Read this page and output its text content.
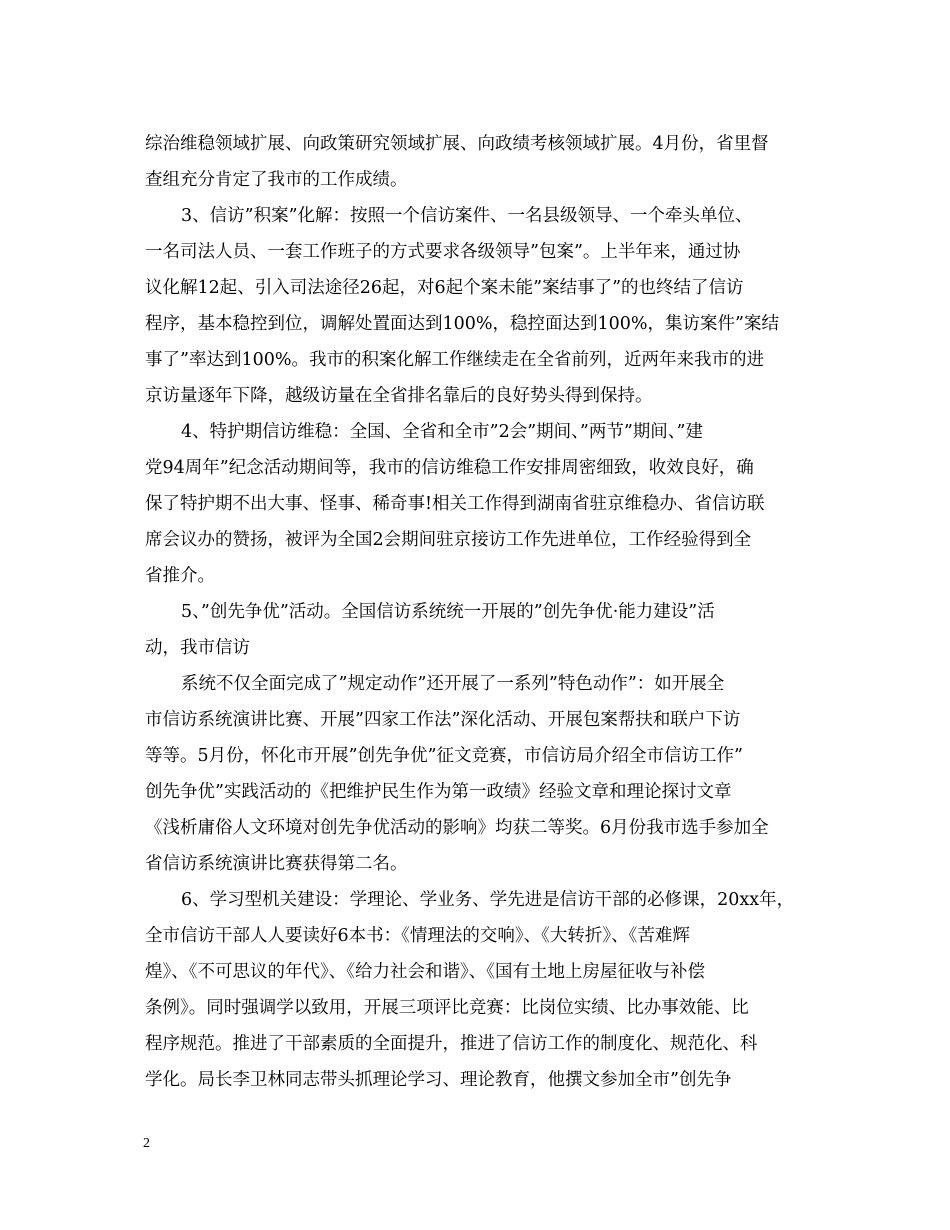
综治维稳领域扩展、向政策研究领域扩展、向政绩考核领域扩展。4月份，省里督
查组充分肯定了我市的工作成绩。
3、信访”积案”化解：按照一个信访案件、一名县级领导、一个牵头单位、
一名司法人员、一套工作班子的方式要求各级领导”包案”。上半年来，通过协
议化解12起、引入司法途径26起，对6起个案未能”案结事了”的也终结了信访
程序，基本稳控到位，调解处置面达到100%，稳控面达到100%，集访案件”案结
事了”率达到100%。我市的积案化解工作继续走在全省前列，近两年来我市的进
京访量逐年下降，越级访量在全省排名靠后的良好势头得到保持。
4、特护期信访维稳：全国、全省和全市”2会”期间、”两节”期间、”建
党94周年”纪念活动期间等，我市的信访维稳工作安排周密细致，收效良好，确
保了特护期不出大事、怪事、稀奇事!相关工作得到湖南省驻京维稳办、省信访联
席会议办的赞扬，被评为全国2会期间驻京接访工作先进单位，工作经验得到全
省推介。
5、”创先争优”活动。全国信访系统统一开展的”创先争优·能力建设”活
动，我市信访
系统不仅全面完成了”规定动作”还开展了一系列”特色动作”：如开展全
市信访系统演讲比赛、开展”四家工作法”深化活动、开展包案帮扶和联户下访
等等。5月份，怀化市开展”创先争优”征文竞赛，市信访局介绍全市信访工作”
创先争优”实践活动的《把维护民生作为第一政绩》经验文章和理论探讨文章
《浅析庸俗人文环境对创先争优活动的影响》均获二等奖。6月份我市选手参加全
省信访系统演讲比赛获得第二名。
6、学习型机关建设：学理论、学业务、学先进是信访干部的必修课，20xx年，
全市信访干部人人要读好6本书：《情理法的交响》、《大转折》、《苦难辉
煌》、《不可思议的年代》、《给力社会和谐》、《国有土地上房屋征收与补偿
条例》。同时强调学以致用，开展三项评比竞赛：比岗位实绩、比办事效能、比
程序规范。推进了干部素质的全面提升，推进了信访工作的制度化、规范化、科
学化。局长李卫林同志带头抓理论学习、理论教育，他撰文参加全市”创先争
2
